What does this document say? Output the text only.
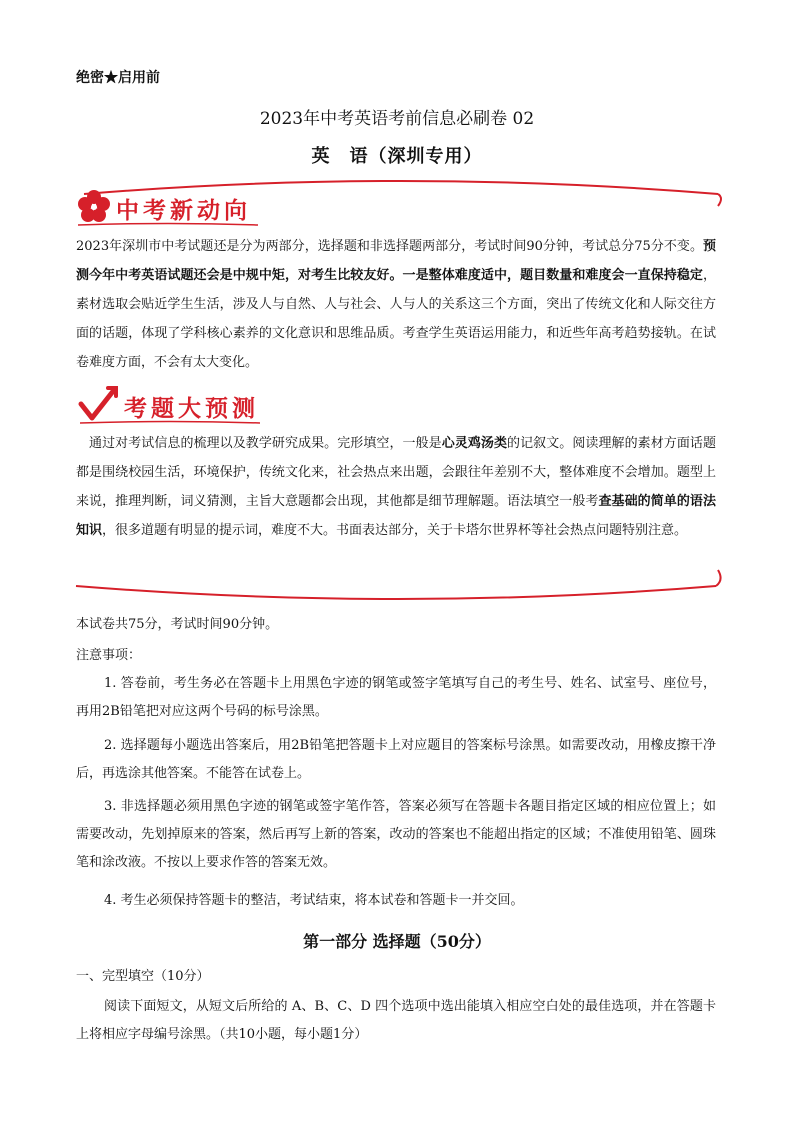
绝密★启用前
2023年中考英语考前信息必刷卷 02
英　语（深圳专用）
中考新动向
2023年深圳市中考试题还是分为两部分，选择题和非选择题两部分，考试时间90分钟，考试总分75分不变。预测今年中考英语试题还会是中规中矩，对考生比较友好。一是整体难度适中，题目数量和难度会一直保持稳定，素材选取会贴近学生生活，涉及人与自然、人与社会、人与人的关系这三个方面，突出了传统文化和人际交往方面的话题，体现了学科核心素养的文化意识和思维品质。考查学生英语运用能力，和近些年高考趋势接轨。在试卷难度方面，不会有太大变化。
考题大预测
通过对考试信息的梳理以及教学研究成果。完形填空，一般是心灵鸡汤类的记叙文。阅读理解的素材方面话题都是围绕校园生活，环境保护，传统文化来，社会热点来出题，会跟往年差别不大，整体难度不会增加。题型上来说，推理判断，词义猜测，主旨大意题都会出现，其他都是细节理解题。语法填空一般考查基础的简单的语法知识，很多道题有明显的提示词，难度不大。书面表达部分，关于卡塔尔世界杯等社会热点问题特别注意。
本试卷共75分，考试时间90分钟。
注意事项：
1. 答卷前，考生务必在答题卡上用黑色字迹的钢笔或签字笔填写自己的考生号、姓名、试室号、座位号，再用2B铅笔把对应这两个号码的标号涂黑。
2. 选择题每小题选出答案后，用2B铅笔把答题卡上对应题目的答案标号涂黑。如需要改动，用橡皮擦干净后，再选涂其他答案。不能答在试卷上。
3. 非选择题必须用黑色字迹的钢笔或签字笔作答，答案必须写在答题卡各题目指定区域的相应位置上；如需要改动，先划掉原来的答案，然后再写上新的答案，改动的答案也不能超出指定的区域；不准使用铅笔、圆珠笔和涂改液。不按以上要求作答的答案无效。
4. 考生必须保持答题卡的整洁，考试结束，将本试卷和答题卡一并交回。
第一部分 选择题（50分）
一、完型填空（10分）
阅读下面短文，从短文后所给的 A、B、C、D 四个选项中选出能填入相应空白处的最佳选项，并在答题卡上将相应字母编号涂黑。（共10小题，每小题1分）
